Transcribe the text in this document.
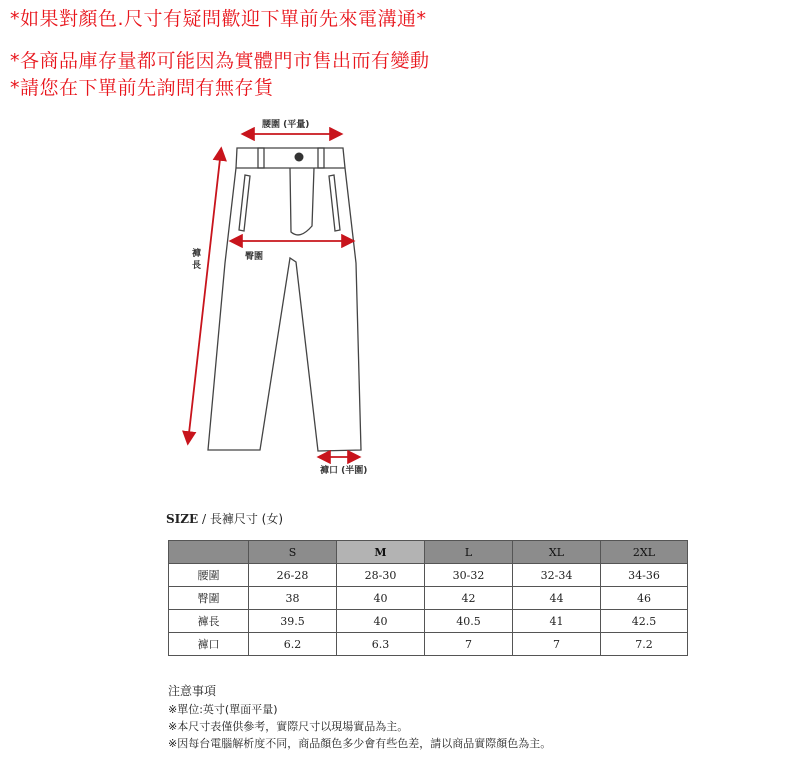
*如果對顏色.尺寸有疑問歡迎下單前先來電溝通*

*各商品庫存量都可能因為實體門市售出而有變動

*請您在下單前先詢問有無存貨

腰圍 (平量)
臀圍
褲
長
褲口 (半圍)
SIZE / 長褲尺寸 (女)
	S	M	L	XL	2XL
腰圍	26-28	28-30	30-32	32-34	34-36
臀圍	38	40	42	44	46
褲長	39.5	40	40.5	41	42.5
褲口	6.2	6.3	7	7	7.2
注意事項
※單位:英寸(單面平量)
※本尺寸表僅供參考，實際尺寸以現場實品為主。
※因每台電腦解析度不同，商品顏色多少會有些色差，請以商品實際顏色為主。
